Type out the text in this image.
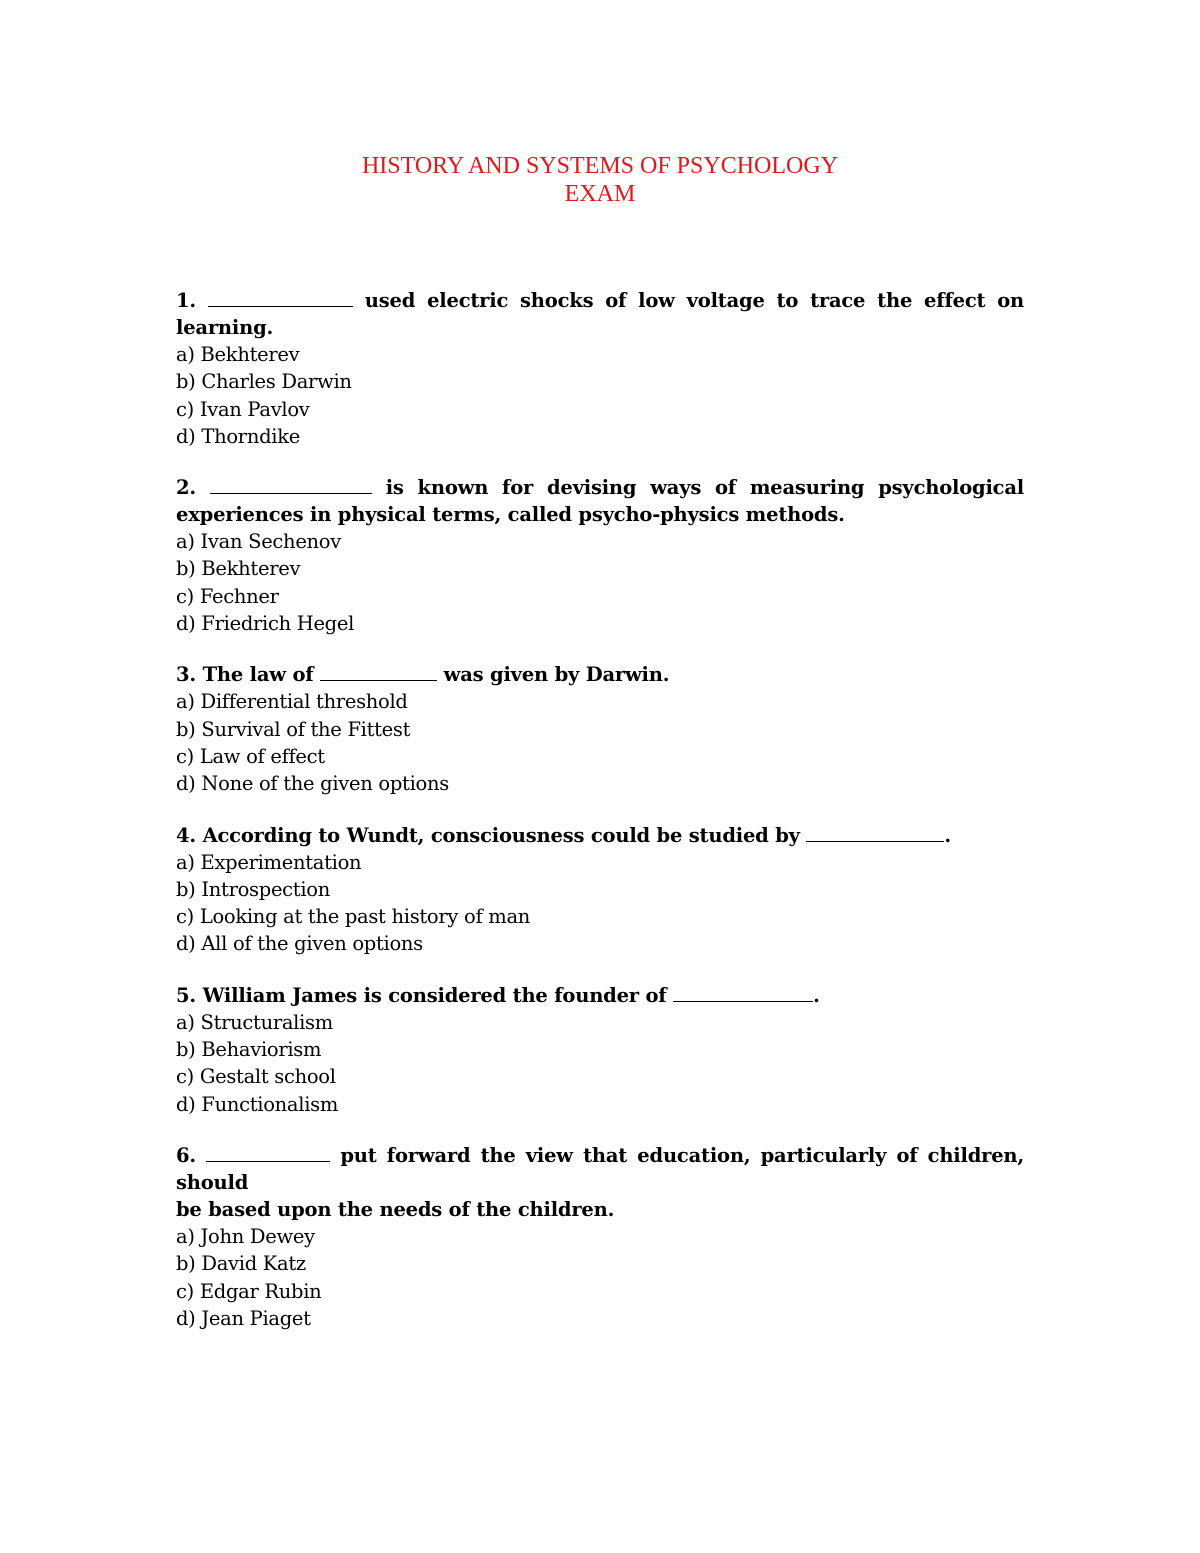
HISTORY AND SYSTEMS OF PSYCHOLOGY
EXAM
1.	used electric shocks of low voltage to trace the effect on learning.
a) Bekhterev
b) Charles Darwin
c) Ivan Pavlov
d) Thorndike
2.	is known for devising ways of measuring psychological
experiences in physical terms, called psycho-physics methods.
a) Ivan Sechenov
b) Bekhterev
c) Fechner
d) Friedrich Hegel
3. The law of	was given by Darwin.
a) Differential threshold
b) Survival of the Fittest
c) Law of effect
d) None of the given options
4. According to Wundt, consciousness could be studied by	.
a) Experimentation
b) Introspection
c) Looking at the past history of man
d) All of the given options
5. William James is considered the founder of	.
a) Structuralism
b) Behaviorism
c) Gestalt school
d) Functionalism
6.	put forward the view that education, particularly of children, should
be based upon the needs of the children.
a) John Dewey
b) David Katz
c) Edgar Rubin
d) Jean Piaget
